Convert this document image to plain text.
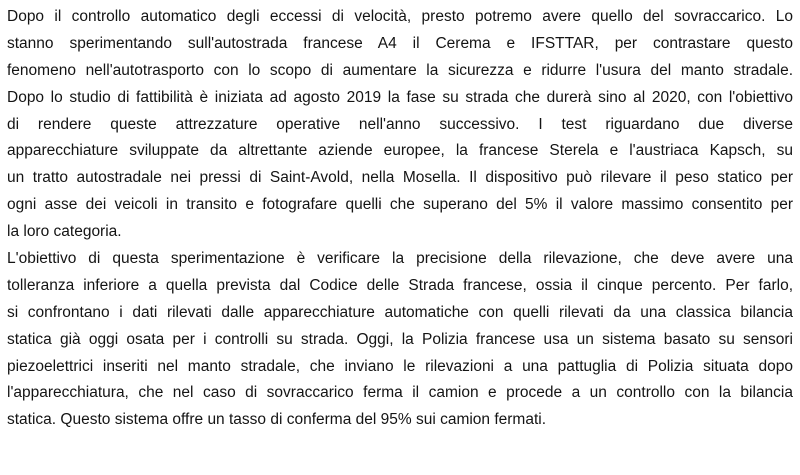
Dopo il controllo automatico degli eccessi di velocità, presto potremo avere quello del sovraccarico. Lo
stanno sperimentando sull'autostrada francese A4 il Cerema e IFSTTAR, per contrastare questo
fenomeno nell'autotrasporto con lo scopo di aumentare la sicurezza e ridurre l'usura del manto stradale.
Dopo lo studio di fattibilità è iniziata ad agosto 2019 la fase su strada che durerà sino al 2020, con l'obiettivo
di rendere queste attrezzature operative nell'anno successivo. I test riguardano due diverse
apparecchiature sviluppate da altrettante aziende europee, la francese Sterela e l'austriaca Kapsch, su
un tratto autostradale nei pressi di Saint-Avold, nella Mosella. Il dispositivo può rilevare il peso statico per
ogni asse dei veicoli in transito e fotografare quelli che superano del 5% il valore massimo consentito per
la loro categoria.
L'obiettivo di questa sperimentazione è verificare la precisione della rilevazione, che deve avere una
tolleranza inferiore a quella prevista dal Codice delle Strada francese, ossia il cinque percento. Per farlo,
si confrontano i dati rilevati dalle apparecchiature automatiche con quelli rilevati da una classica bilancia
statica già oggi osata per i controlli su strada. Oggi, la Polizia francese usa un sistema basato su sensori
piezoelettrici inseriti nel manto stradale, che inviano le rilevazioni a una pattuglia di Polizia situata dopo
l'apparecchiatura, che nel caso di sovraccarico ferma il camion e procede a un controllo con la bilancia
statica. Questo sistema offre un tasso di conferma del 95% sui camion fermati.
